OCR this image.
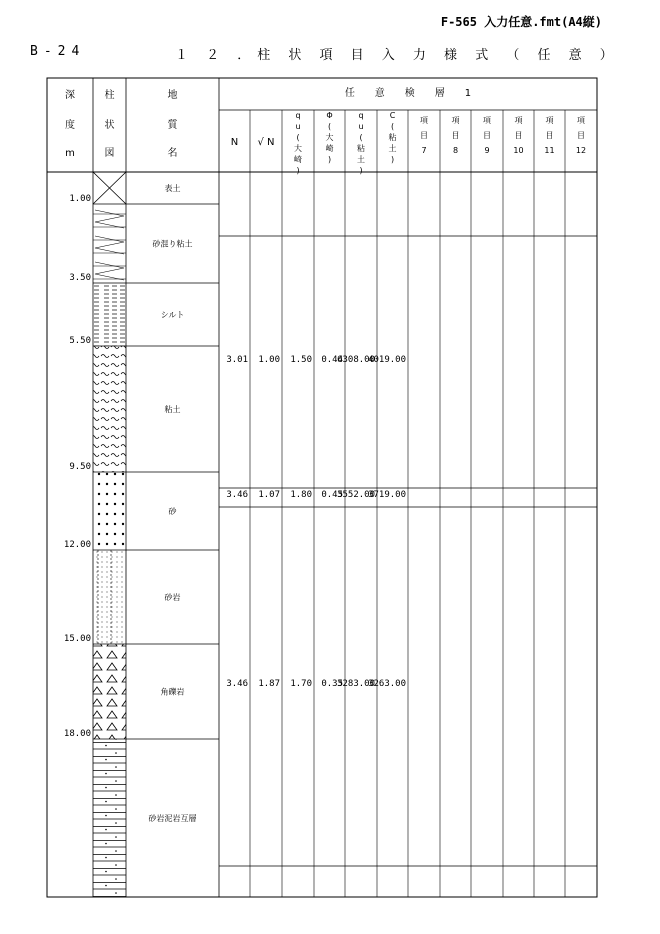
F-565 入力任意.fmt(A4縦)
B-24	１ ２ ．柱 状 項 目 入 力 様 式 （ 任 意 ）
深
度
m
柱
状
図
地
質
名
任　　意　　検　　層　　1
N √ N
q
u
(
大
崎
)
Φ
(
大
崎
)
q
u
(
粘
土
)
C
(
粘
土
)
項
目
7
項
目
8
項
目
9
項
目
10
項
目
11
項
目
12
表土
1.00
砂混り粘土
3.50
シルト
5.50
粘土
9.50
砂
12.00
砂岩
15.00
角礫岩
18.00
砂岩泥岩互層
3.01 1.00 1.50 0.44
6308.00
4019.00
3.46 1.07 1.80 0.45
3552.00
3719.00
3.46 1.87 1.70 0.35
3283.00
3263.00
